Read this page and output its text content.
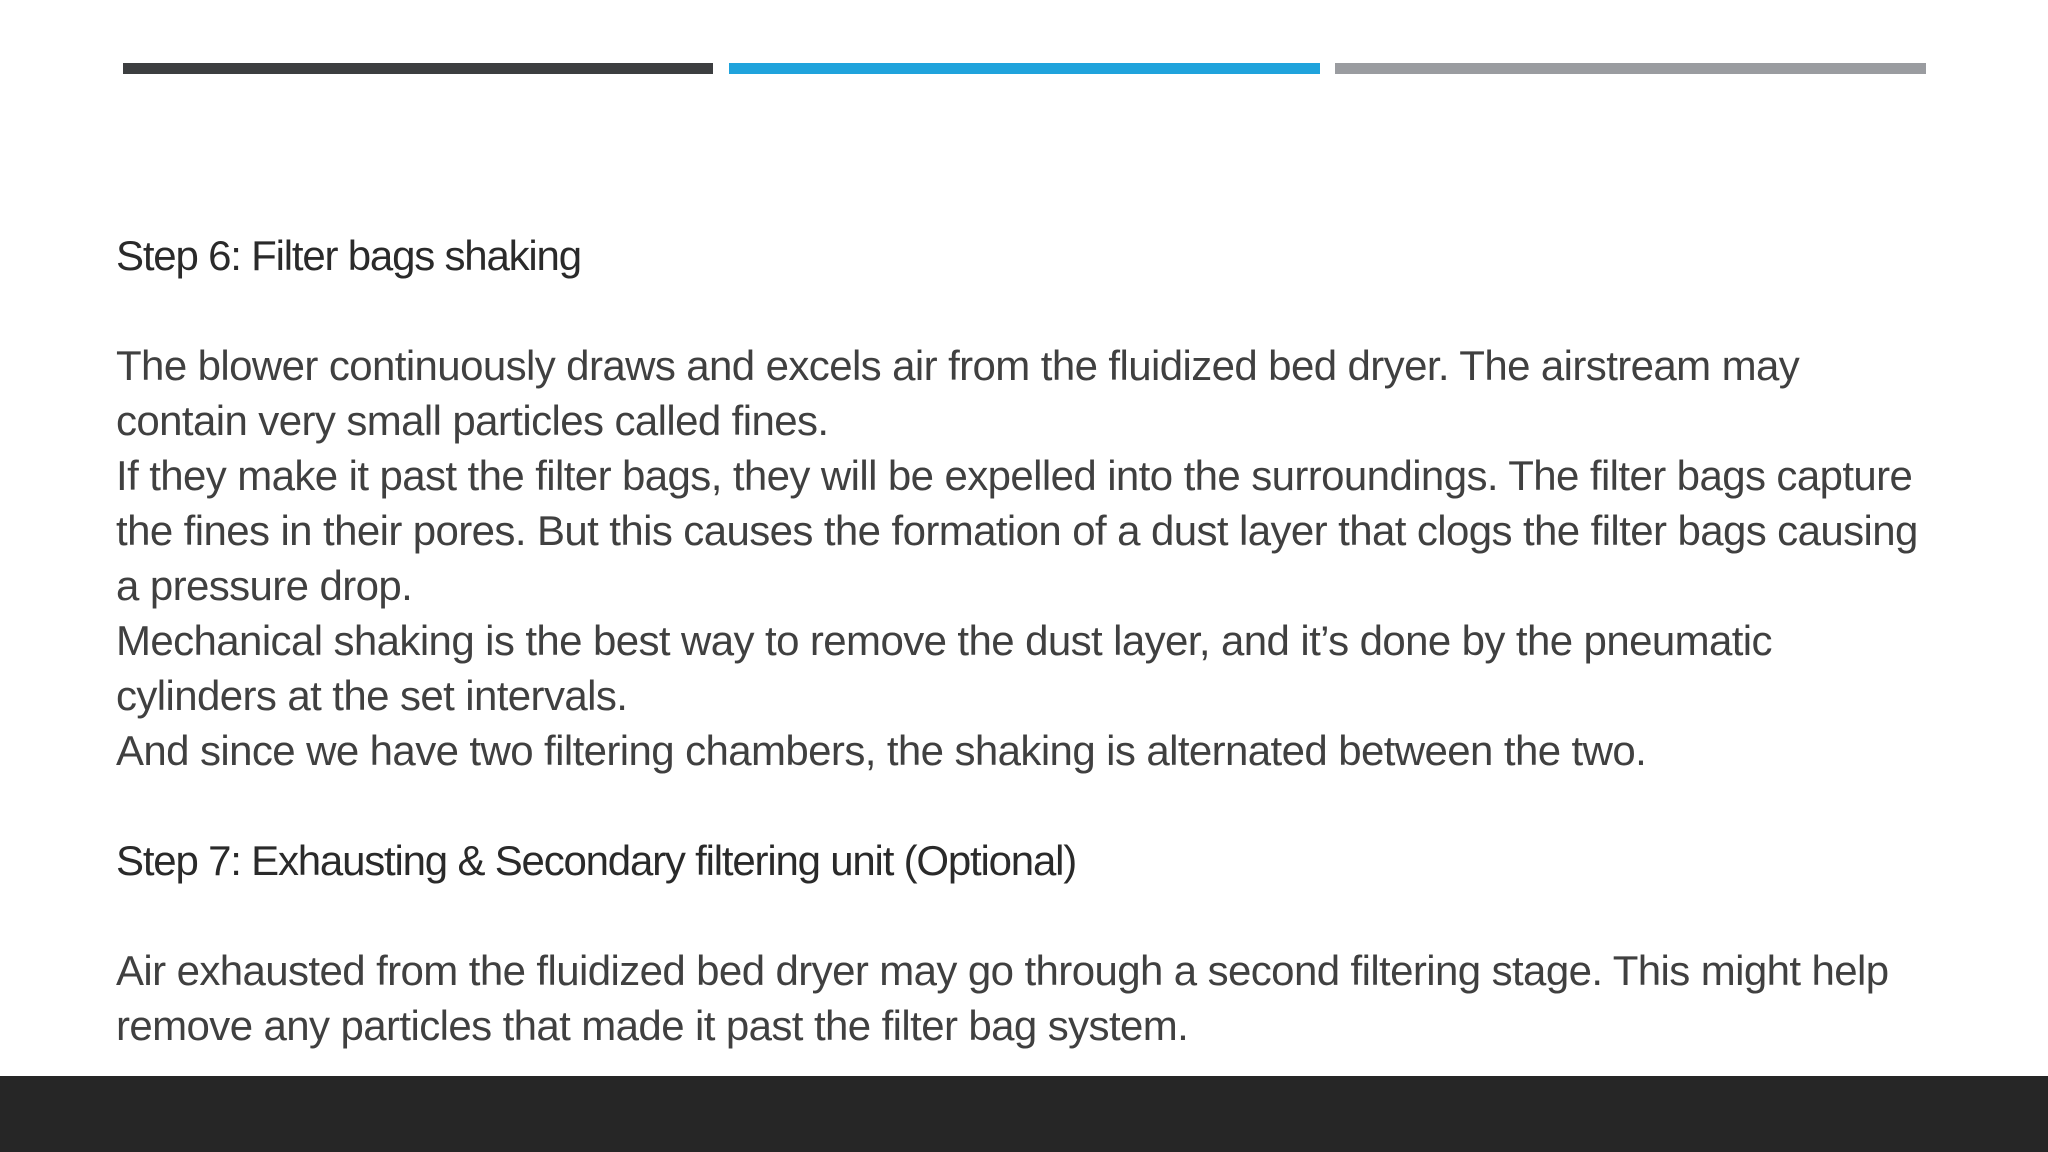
Step 6: Filter bags shaking

The blower continuously draws and excels air from the fluidized bed dryer. The airstream may contain very small particles called fines.

If they make it past the filter bags, they will be expelled into the surroundings. The filter bags capture the fines in their pores. But this causes the formation of a dust layer that clogs the filter bags causing a pressure drop.

Mechanical shaking is the best way to remove the dust layer, and it’s done by the pneumatic cylinders at the set intervals.

And since we have two filtering chambers, the shaking is alternated between the two.

Step 7: Exhausting & Secondary filtering unit (Optional)

Air exhausted from the fluidized bed dryer may go through a second filtering stage. This might help remove any particles that made it past the filter bag system.
